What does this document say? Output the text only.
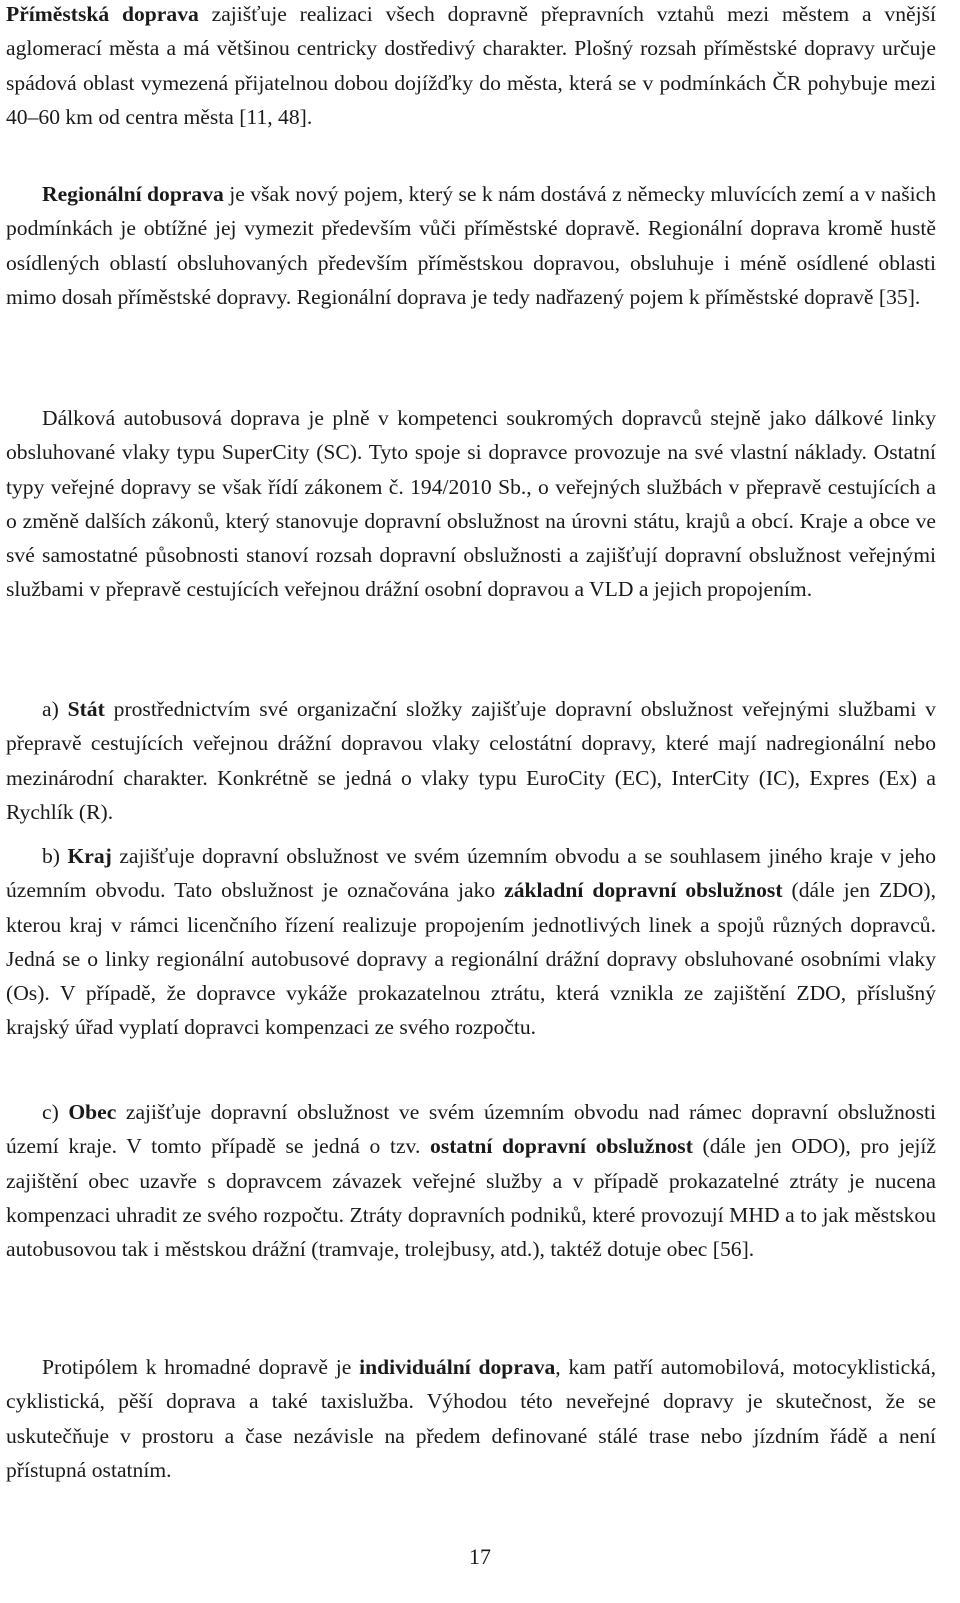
Příměstská doprava zajišťuje realizaci všech dopravně přepravních vztahů mezi městem a vnější aglomerací města a má většinou centricky dostředivý charakter. Plošný rozsah příměstské dopravy určuje spádová oblast vymezená přijatelnou dobou dojížďky do města, která se v podmínkách ČR pohybuje mezi 40–60 km od centra města [11, 48].

Regionální doprava je však nový pojem, který se k nám dostává z německy mluvících zemí a v našich podmínkách je obtížné jej vymezit především vůči příměstské dopravě. Regionální doprava kromě hustě osídlených oblastí obsluhovaných především příměstskou dopravou, obsluhuje i méně osídlené oblasti mimo dosah příměstské dopravy. Regionální doprava je tedy nadřazený pojem k příměstské dopravě [35].

Dálková autobusová doprava je plně v kompetenci soukromých dopravců stejně jako dálkové linky obsluhované vlaky typu SuperCity (SC). Tyto spoje si dopravce provozuje na své vlastní náklady. Ostatní typy veřejné dopravy se však řídí zákonem č. 194/2010 Sb., o veřejných službách v přepravě cestujících a o změně dalších zákonů, který stanovuje dopravní obslužnost na úrovni státu, krajů a obcí. Kraje a obce ve své samostatné působnosti stanoví rozsah dopravní obslužnosti a zajišťují dopravní obslužnost veřejnými službami v přepravě cestujících veřejnou drážní osobní dopravou a VLD a jejich propojením.

a) Stát prostřednictvím své organizační složky zajišťuje dopravní obslužnost veřejnými službami v přepravě cestujících veřejnou drážní dopravou vlaky celostátní dopravy, které mají nadregionální nebo mezinárodní charakter. Konkrétně se jedná o vlaky typu EuroCity (EC), InterCity (IC), Expres (Ex) a Rychlík (R).

b) Kraj zajišťuje dopravní obslužnost ve svém územním obvodu a se souhlasem jiného kraje v jeho územním obvodu. Tato obslužnost je označována jako základní dopravní obslužnost (dále jen ZDO), kterou kraj v rámci licenčního řízení realizuje propojením jednotlivých linek a spojů různých dopravců. Jedná se o linky regionální autobusové dopravy a regionální drážní dopravy obsluhované osobními vlaky (Os). V případě, že dopravce vykáže prokazatelnou ztrátu, která vznikla ze zajištění ZDO, příslušný krajský úřad vyplatí dopravci kompenzaci ze svého rozpočtu.

c) Obec zajišťuje dopravní obslužnost ve svém územním obvodu nad rámec dopravní obslužnosti území kraje. V tomto případě se jedná o tzv. ostatní dopravní obslužnost (dále jen ODO), pro jejíž zajištění obec uzavře s dopravcem závazek veřejné služby a v případě prokazatelné ztráty je nucena kompenzaci uhradit ze svého rozpočtu. Ztráty dopravních podniků, které provozují MHD a to jak městskou autobusovou tak i městskou drážní (tramvaje, trolejbusy, atd.), taktéž dotuje obec [56].

Protipólem k hromadné dopravě je individuální doprava, kam patří automobilová, motocyklistická, cyklistická, pěší doprava a také taxislužba. Výhodou této neveřejné dopravy je skutečnost, že se uskutečňuje v prostoru a čase nezávisle na předem definované stálé trase nebo jízdním řádě a není přístupná ostatním.

17
